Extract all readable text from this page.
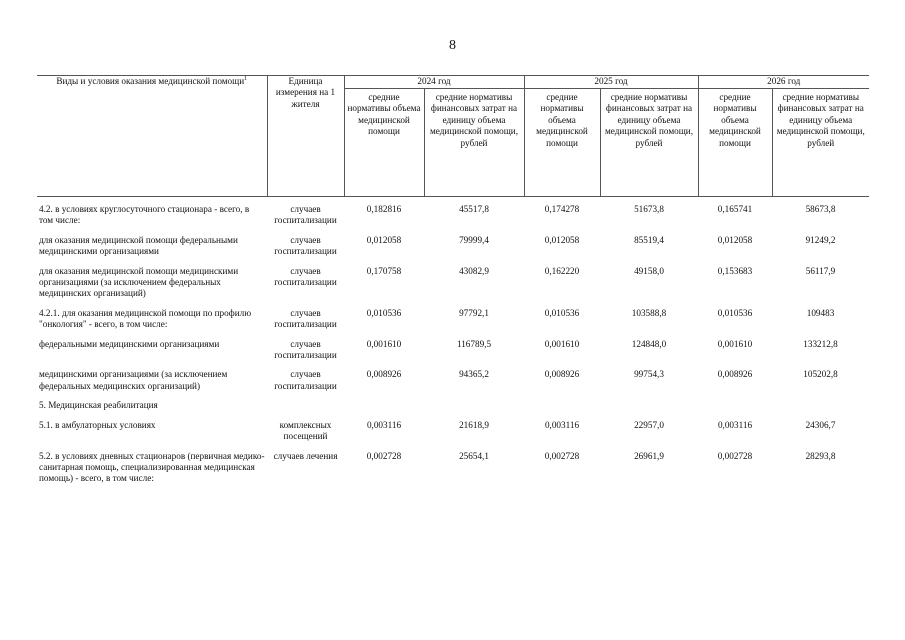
8
Виды и условия оказания медицинской помощи$^1$	Единица измерения на 1 жителя	2024 год		2025 год		2026 год	
		средние нормативы объема медицинской помощи	средние нормативы финансовых затрат на единицу объема медицинской помощи, рублей	средние нормативы объема медицинской помощи	средние нормативы финансовых затрат на единицу объема медицинской помощи, рублей	средние нормативы объема медицинской помощи	средние нормативы финансовых затрат на единицу объема медицинской помощи, рублей

4.2. в условиях круглосуточного стационара - всего, в том числе:	случаев госпитализации	0,182816	45517,8	0,174278	51673,8	0,165741	58673,8
для оказания медицинской помощи федеральными медицинскими организациями	случаев госпитализации	0,012058	79999,4	0,012058	85519,4	0,012058	91249,2
для оказания медицинской помощи медицинскими организациями (за исключением федеральных медицинских организаций)	случаев госпитализации	0,170758	43082,9	0,162220	49158,0	0,153683	56117,9
4.2.1. для оказания медицинской помощи по профилю "онкология" - всего, в том числе:	случаев госпитализации	0,010536	97792,1	0,010536	103588,8	0,010536	109483
федеральными медицинскими организациями	случаев госпитализации	0,001610	116789,5	0,001610	124848,0	0,001610	133212,8
медицинскими организациями (за исключением федеральных медицинских организаций)	случаев госпитализации	0,008926	94365,2	0,008926	99754,3	0,008926	105202,8
5. Медицинская реабилитация							
5.1. в амбулаторных условиях	комплексных посещений	0,003116	21618,9	0,003116	22957,0	0,003116	24306,7
5.2. в условиях дневных стационаров (первичная медико-санитарная помощь, специализированная медицинская помощь) - всего, в том числе:	случаев лечения	0,002728	25654,1	0,002728	26961,9	0,002728	28293,8
